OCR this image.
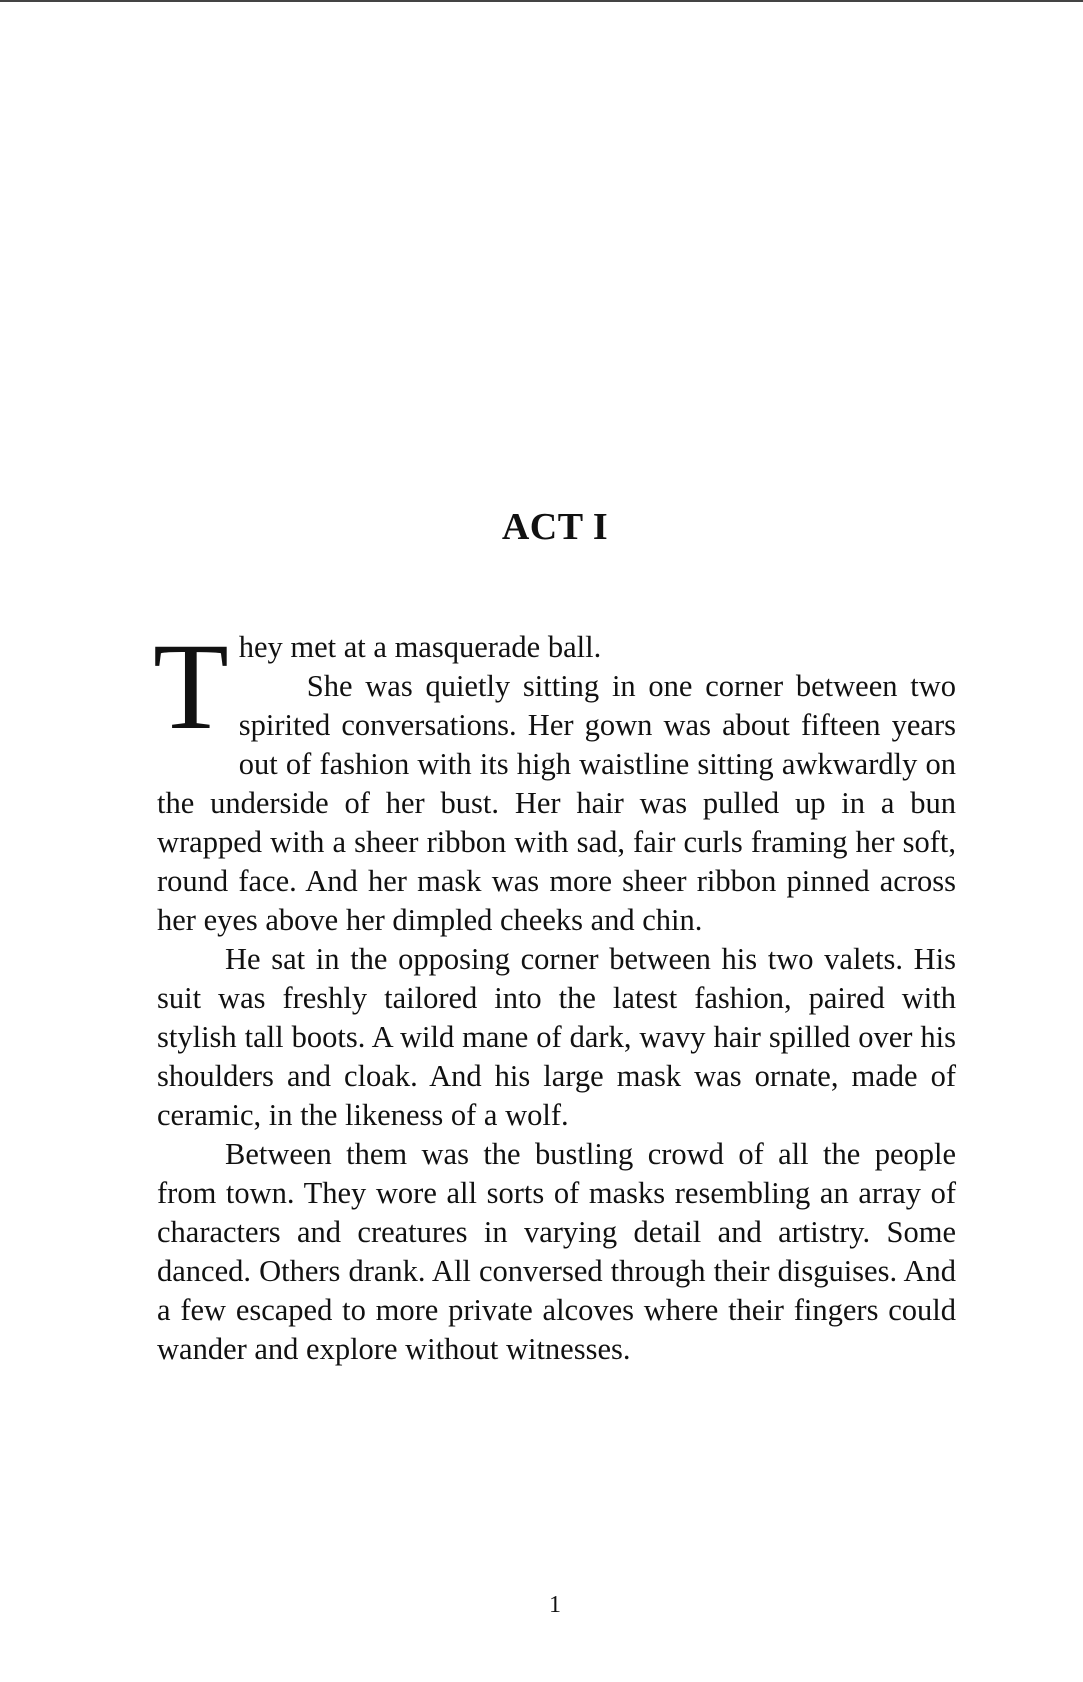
ACT I

They met at a masquerade ball.

She was quietly sitting in one corner between two spirited conversations. Her gown was about fifteen years out of fashion with its high waistline sitting awkwardly on the underside of her bust. Her hair was pulled up in a bun wrapped with a sheer ribbon with sad, fair curls framing her soft, round face. And her mask was more sheer ribbon pinned across her eyes above her dimpled cheeks and chin.

He sat in the opposing corner between his two valets. His suit was freshly tailored into the latest fashion, paired with stylish tall boots. A wild mane of dark, wavy hair spilled over his shoulders and cloak. And his large mask was ornate, made of ceramic, in the likeness of a wolf.

Between them was the bustling crowd of all the people from town. They wore all sorts of masks resembling an array of characters and creatures in varying detail and artistry. Some danced. Others drank. All conversed through their disguises. And a few escaped to more private alcoves where their fingers could wander and explore without witnesses.

1
